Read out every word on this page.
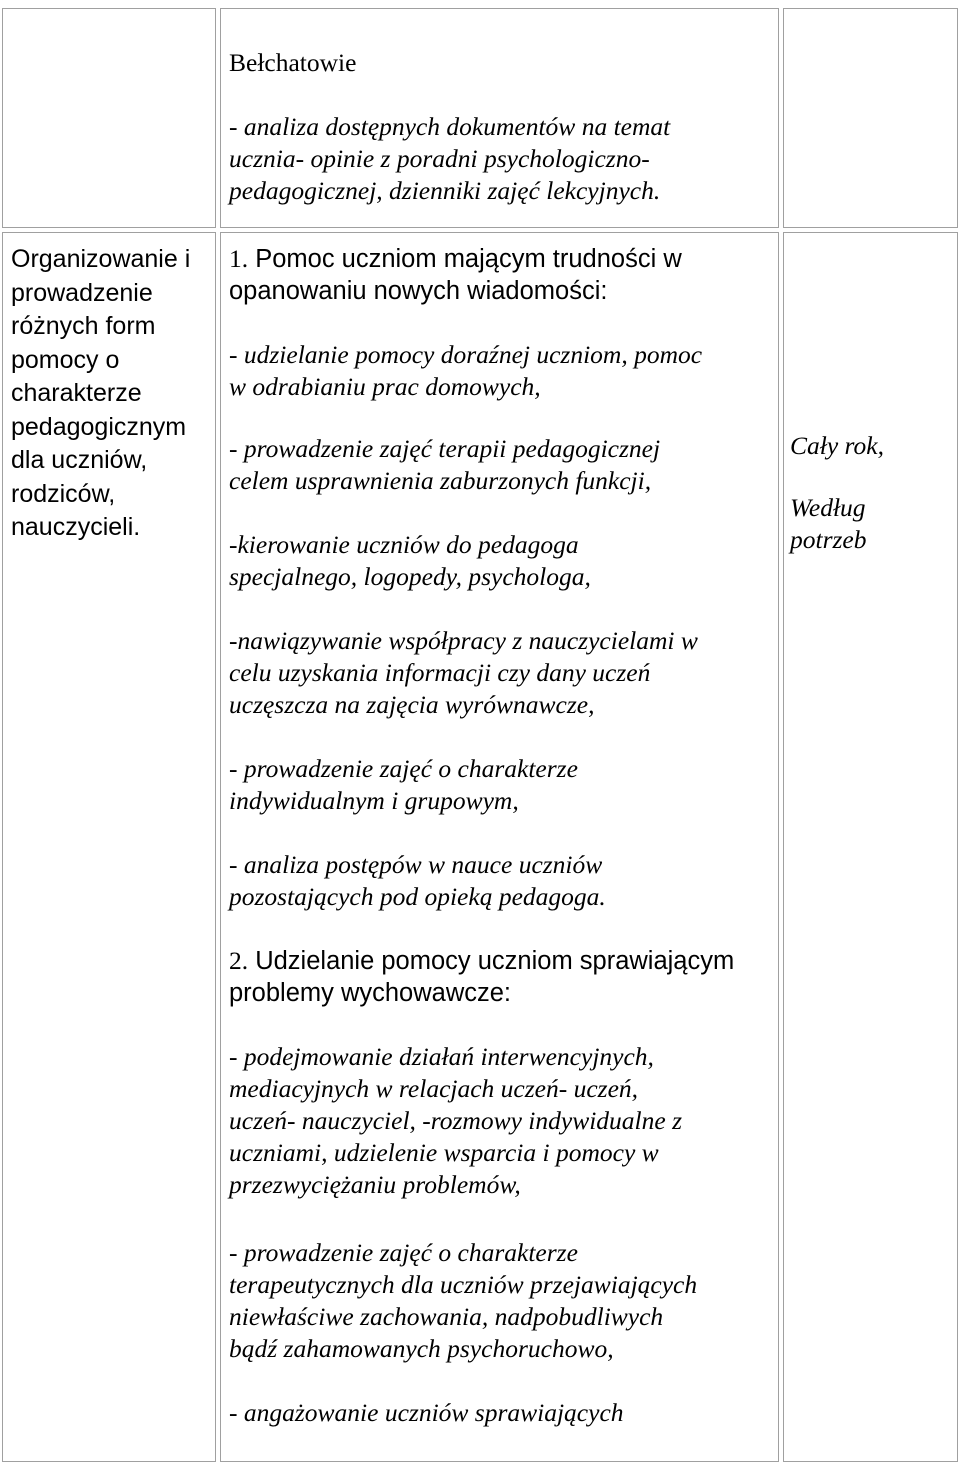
Bełchatowie

- analiza dostępnych dokumentów na temat
ucznia- opinie z poradni psychologiczno-
pedagogicznej, dzienniki zajęć lekcyjnych.
Organizowanie i
prowadzenie
różnych form
pomocy o
charakterze
pedagogicznym
dla uczniów,
rodziców,
nauczycieli.
1. Pomoc uczniom mającym trudności w
opanowaniu nowych wiadomości:
- udzielanie pomocy doraźnej uczniom, pomoc
w odrabianiu prac domowych,
- prowadzenie zajęć terapii pedagogicznej
celem usprawnienia zaburzonych funkcji,
-kierowanie uczniów do pedagoga
specjalnego, logopedy, psychologa,
-nawiązywanie współpracy z nauczycielami w
celu uzyskania informacji czy dany uczeń
uczęszcza na zajęcia wyrównawcze,
- prowadzenie zajęć o charakterze
indywidualnym i grupowym,
- analiza postępów w nauce uczniów
pozostających pod opieką pedagoga.
2. Udzielanie pomocy uczniom sprawiającym
problemy wychowawcze:
- podejmowanie działań interwencyjnych,
mediacyjnych w relacjach uczeń- uczeń,
uczeń- nauczyciel, -rozmowy indywidualne z
uczniami, udzielenie wsparcia i pomocy w
przezwyciężaniu problemów,
- prowadzenie zajęć o charakterze
terapeutycznych dla uczniów przejawiających
niewłaściwe zachowania, nadpobudliwych
bądź zahamowanych psychoruchowo,
- angażowanie uczniów sprawiających

Cały rok,

Według
potrzeb
